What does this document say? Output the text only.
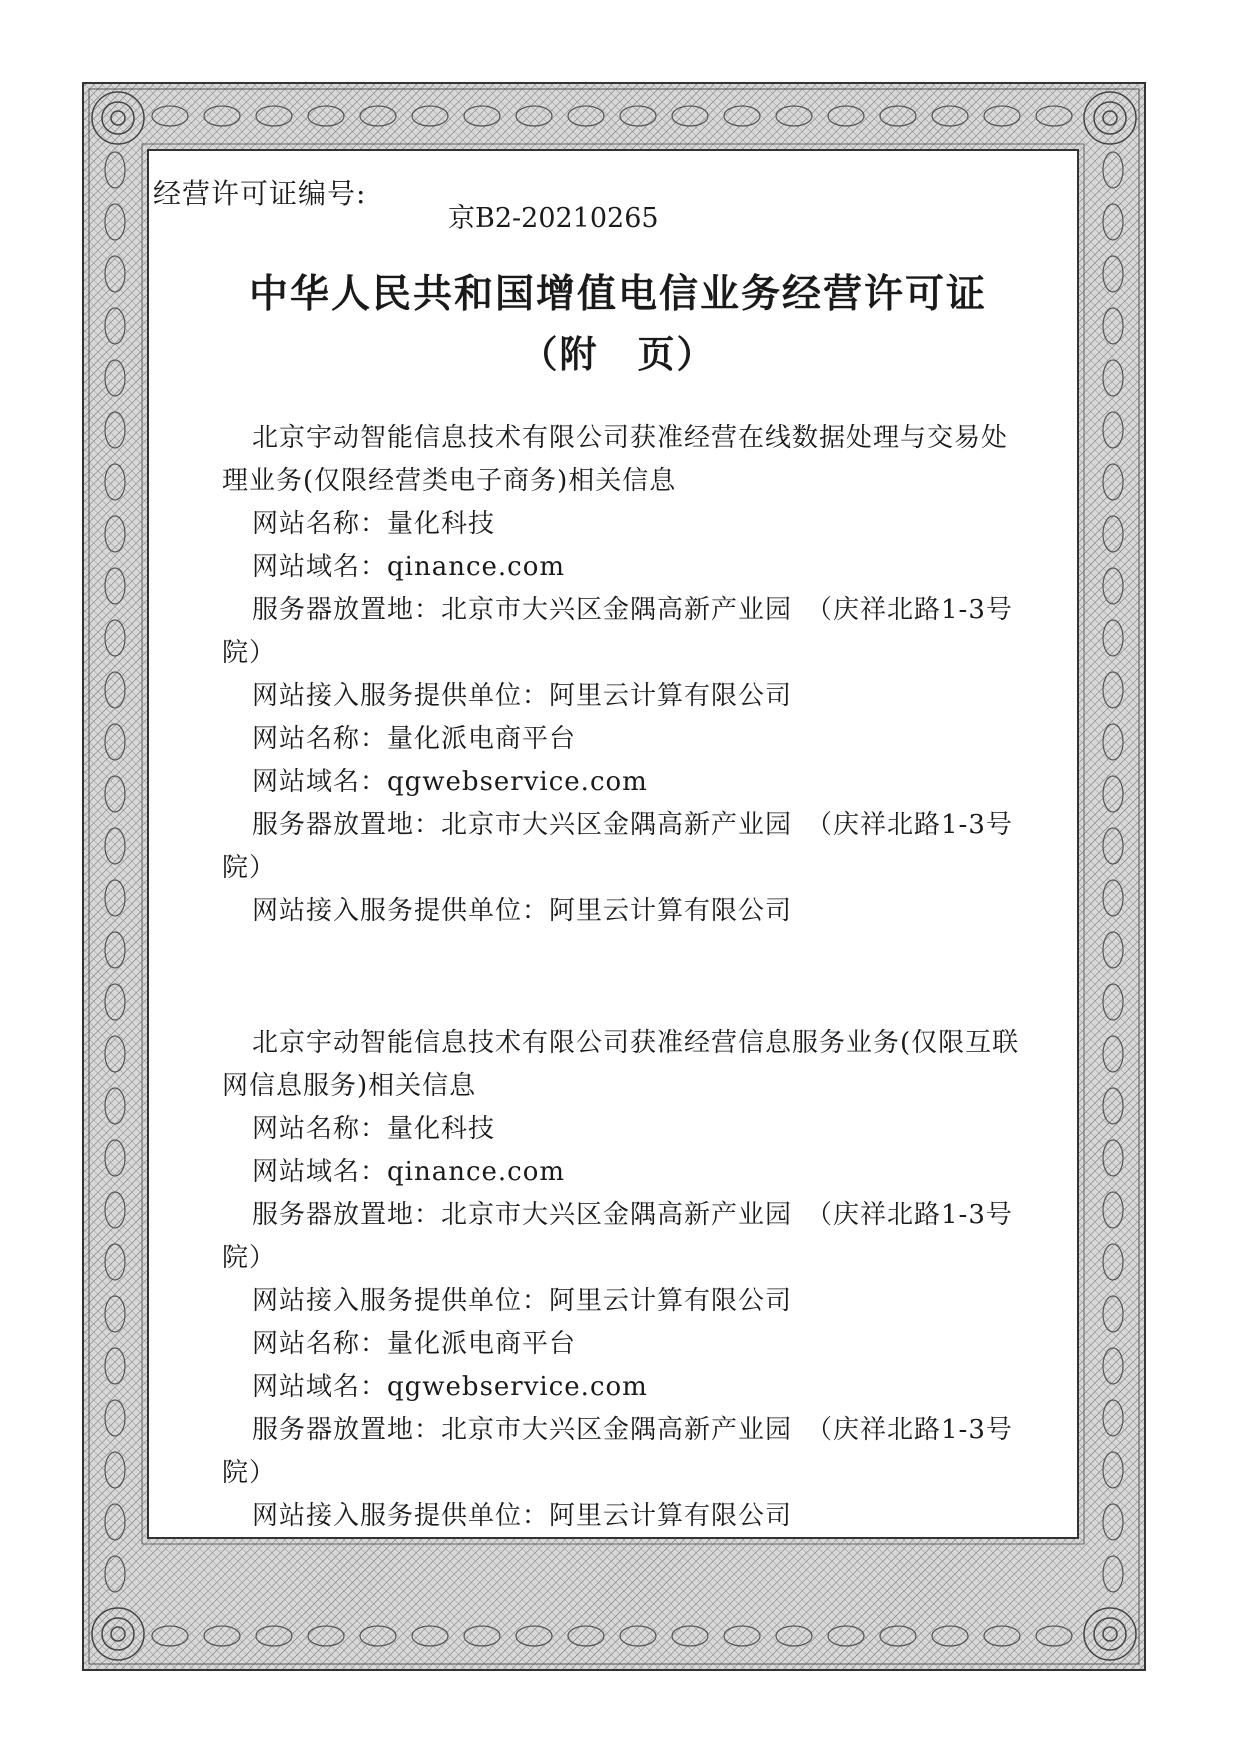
经营许可证编号:
京B2-20210265
中华人民共和国增值电信业务经营许可证
（附　页）
北京宇动智能信息技术有限公司获准经营在线数据处理与交易处
理业务(仅限经营类电子商务)相关信息
网站名称：量化科技
网站域名：qinance.com
服务器放置地：北京市大兴区金隅高新产业园　（庆祥北路1-3号
院）
网站接入服务提供单位：阿里云计算有限公司
网站名称：量化派电商平台
网站域名：qgwebservice.com
服务器放置地：北京市大兴区金隅高新产业园　（庆祥北路1-3号
院）
网站接入服务提供单位：阿里云计算有限公司
北京宇动智能信息技术有限公司获准经营信息服务业务(仅限互联
网信息服务)相关信息
网站名称：量化科技
网站域名：qinance.com
服务器放置地：北京市大兴区金隅高新产业园　（庆祥北路1-3号
院）
网站接入服务提供单位：阿里云计算有限公司
网站名称：量化派电商平台
网站域名：qgwebservice.com
服务器放置地：北京市大兴区金隅高新产业园　（庆祥北路1-3号
院）
网站接入服务提供单位：阿里云计算有限公司
